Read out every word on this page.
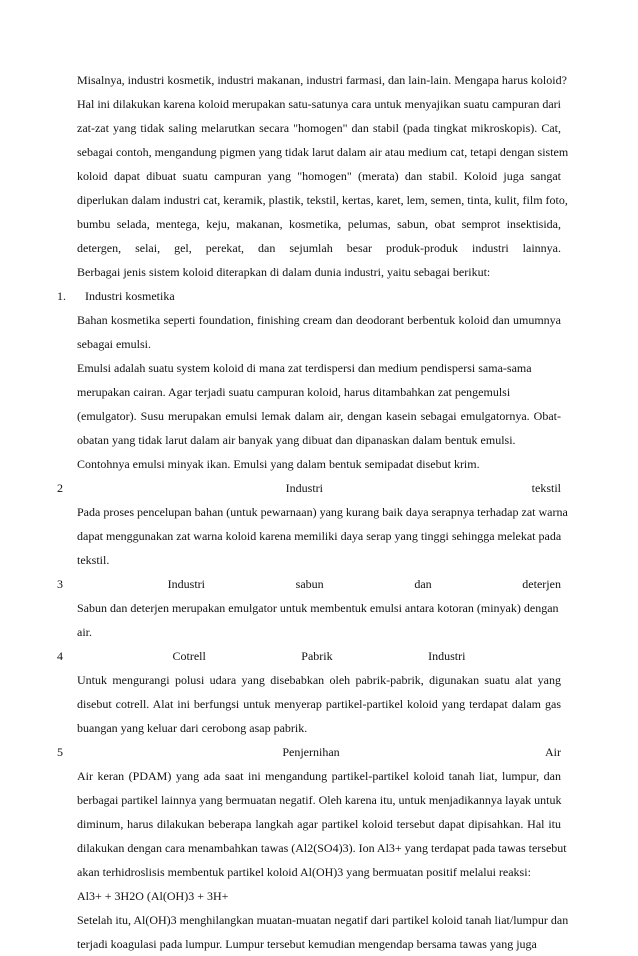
Misalnya, industri kosmetik, industri makanan, industri farmasi, dan lain-lain. Mengapa harus koloid?
Hal ini dilakukan karena koloid merupakan satu-satunya cara untuk menyajikan suatu campuran dari
zat-zat yang tidak saling melarutkan secara "homogen" dan stabil (pada tingkat mikroskopis). Cat,
sebagai contoh, mengandung pigmen yang tidak larut dalam air atau medium cat, tetapi dengan sistem
koloid dapat dibuat suatu campuran yang "homogen" (merata) dan stabil. Koloid juga sangat
diperlukan dalam industri cat, keramik, plastik, tekstil, kertas, karet, lem, semen, tinta, kulit, film foto,
bumbu selada, mentega, keju, makanan, kosmetika, pelumas, sabun, obat semprot insektisida,
detergen, selai, gel, perekat, dan sejumlah besar produk-produk industri lainnya.
Berbagai jenis sistem koloid diterapkan di dalam dunia industri, yaitu sebagai berikut:
1. Industri kosmetika
Bahan kosmetika seperti foundation, finishing cream dan deodorant berbentuk koloid dan umumnya
sebagai emulsi.
Emulsi adalah suatu system koloid di mana zat terdispersi dan medium pendispersi sama-sama
merupakan cairan. Agar terjadi suatu campuran koloid, harus ditambahkan zat pengemulsi
(emulgator). Susu merupakan emulsi lemak dalam air, dengan kasein sebagai emulgatornya. Obat-
obatan yang tidak larut dalam air banyak yang dibuat dan dipanaskan dalam bentuk emulsi.
Contohnya emulsi minyak ikan. Emulsi yang dalam bentuk semipadat disebut krim.
2	Industri	tekstil
Pada proses pencelupan bahan (untuk pewarnaan) yang kurang baik daya serapnya terhadap zat warna
dapat menggunakan zat warna koloid karena memiliki daya serap yang tinggi sehingga melekat pada
tekstil.
3	Industri	sabun	dan	deterjen
Sabun dan deterjen merupakan emulgator untuk membentuk emulsi antara kotoran (minyak) dengan
air.
4	Cotrell	Pabrik	Industri
Untuk mengurangi polusi udara yang disebabkan oleh pabrik-pabrik, digunakan suatu alat yang
disebut cotrell. Alat ini berfungsi untuk menyerap partikel-partikel koloid yang terdapat dalam gas
buangan yang keluar dari cerobong asap pabrik.
5	Penjernihan	Air
Air keran (PDAM) yang ada saat ini mengandung partikel-partikel koloid tanah liat, lumpur, dan
berbagai partikel lainnya yang bermuatan negatif. Oleh karena itu, untuk menjadikannya layak untuk
diminum, harus dilakukan beberapa langkah agar partikel koloid tersebut dapat dipisahkan. Hal itu
dilakukan dengan cara menambahkan tawas (Al2(SO4)3). Ion Al3+ yang terdapat pada tawas tersebut
akan terhidroslisis membentuk partikel koloid Al(OH)3 yang bermuatan positif melalui reaksi:
Al3+ + 3H2O (Al(OH)3 + 3H+
Setelah itu, Al(OH)3 menghilangkan muatan-muatan negatif dari partikel koloid tanah liat/lumpur dan
terjadi koagulasi pada lumpur. Lumpur tersebut kemudian mengendap bersama tawas yang juga
